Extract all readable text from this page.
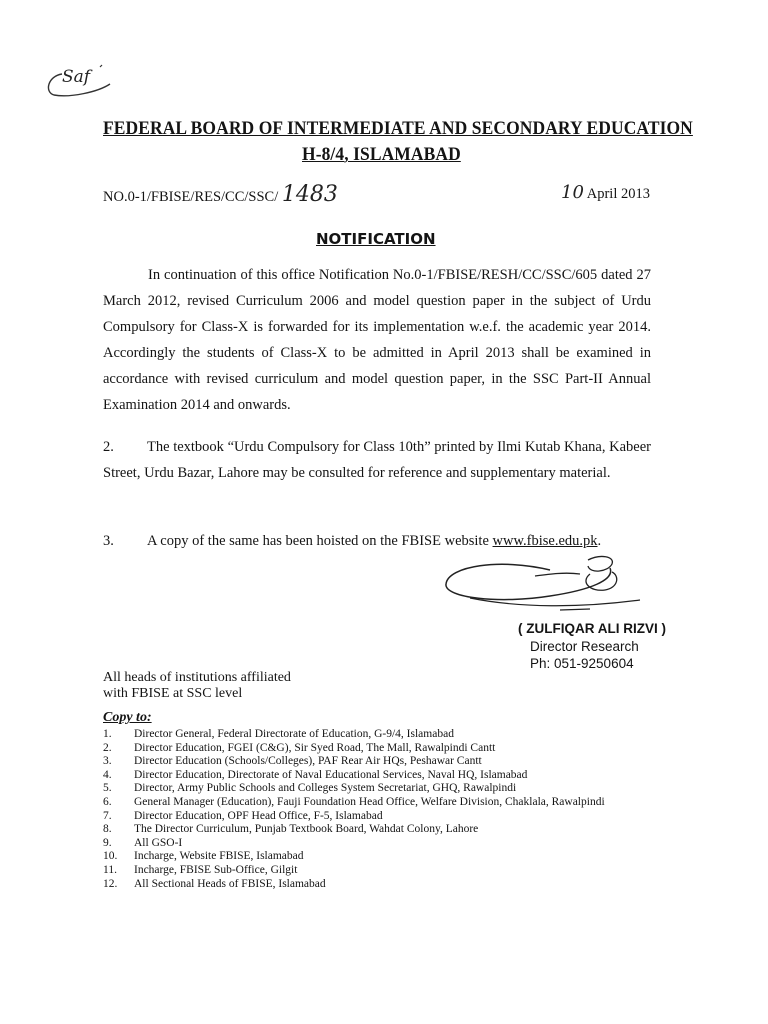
Saf
FEDERAL BOARD OF INTERMEDIATE AND SECONDARY EDUCATION
H-8/4, ISLAMABAD
NO.0-1/FBISE/RES/CC/SSC/ 1483	10 April 2013
NOTIFICATION
In continuation of this office Notification No.0-1/FBISE/RESH/CC/SSC/605 dated 27 March 2012, revised Curriculum 2006 and model question paper in the subject of Urdu Compulsory for Class-X is forwarded for its implementation w.e.f. the academic year 2014. Accordingly the students of Class-X to be admitted in April 2013 shall be examined in accordance with revised curriculum and model question paper, in the SSC Part-II Annual Examination 2014 and onwards.
2. The textbook “Urdu Compulsory for Class 10th” printed by Ilmi Kutab Khana, Kabeer Street, Urdu Bazar, Lahore may be consulted for reference and supplementary material.
3. A copy of the same has been hoisted on the FBISE website www.fbise.edu.pk.
( ZULFIQAR ALI RIZVI )
Director Research
Ph: 051-9250604
All heads of institutions affiliated
with FBISE at SSC level
Copy to:
1.	Director General, Federal Directorate of Education, G-9/4, Islamabad
2.	Director Education, FGEI (C&G), Sir Syed Road, The Mall, Rawalpindi Cantt
3.	Director Education (Schools/Colleges), PAF Rear Air HQs, Peshawar Cantt
4.	Director Education, Directorate of Naval Educational Services, Naval HQ, Islamabad
5.	Director, Army Public Schools and Colleges System Secretariat, GHQ, Rawalpindi
6.	General Manager (Education), Fauji Foundation Head Office, Welfare Division, Chaklala, Rawalpindi
7.	Director Education, OPF Head Office, F-5, Islamabad
8.	The Director Curriculum, Punjab Textbook Board, Wahdat Colony, Lahore
9.	All GSO-I
10.	Incharge, Website FBISE, Islamabad
11.	Incharge, FBISE Sub-Office, Gilgit
12.	All Sectional Heads of FBISE, Islamabad
